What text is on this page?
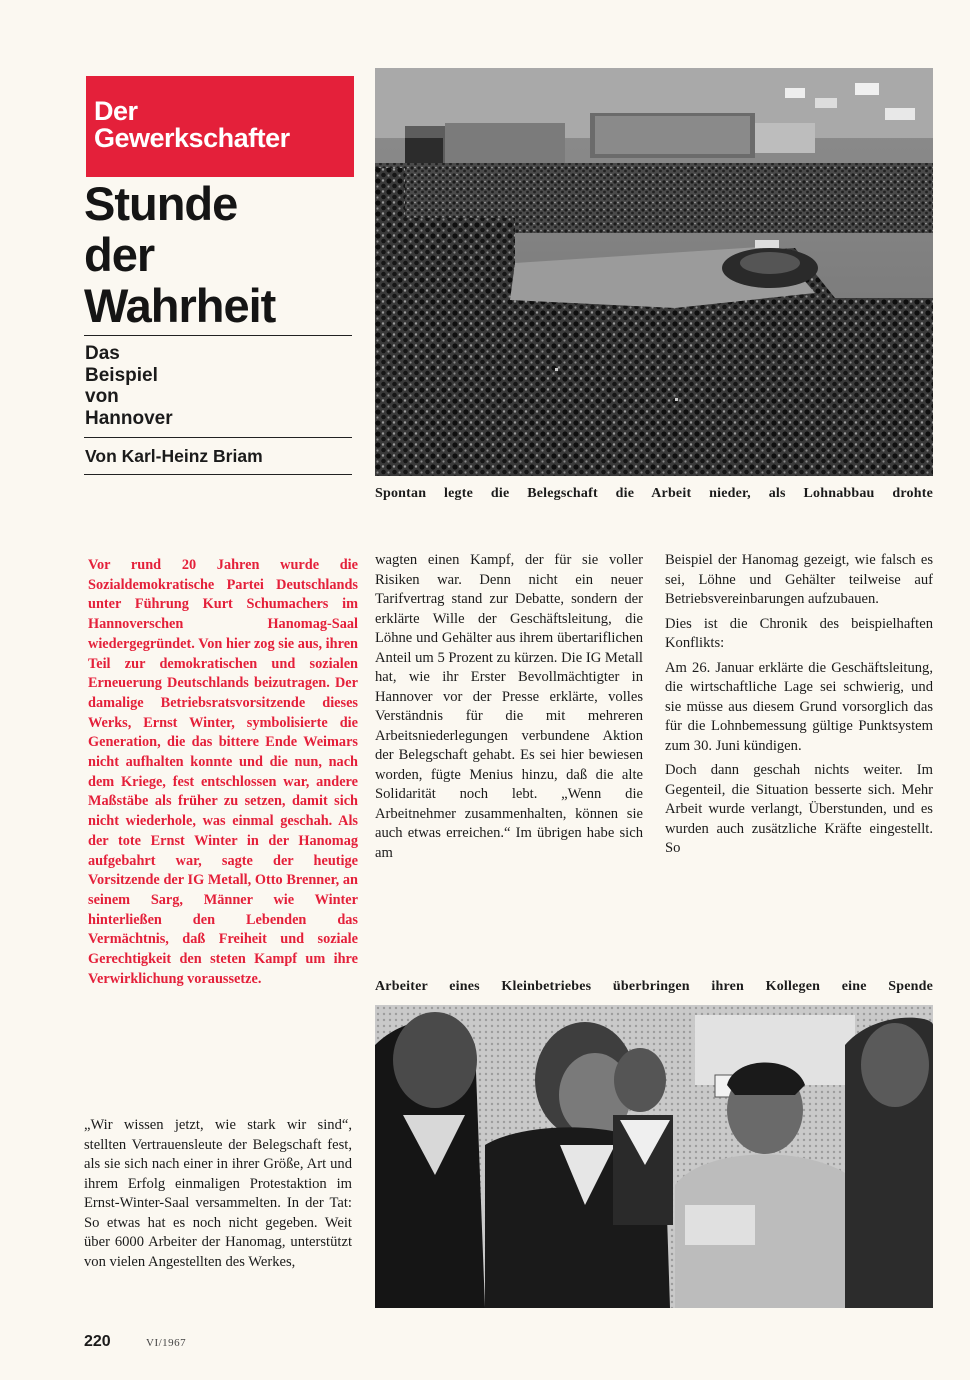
Der
Gewerkschafter
Stunde
der
Wahrheit
Das
Beispiel
von
Hannover
Von Karl-Heinz Briam
Spontan legte die Belegschaft die Arbeit nieder, als Lohnabbau drohte
Vor rund 20 Jahren wurde die Sozialdemokratische Partei Deutschlands unter Führung Kurt Schumachers im Hannoverschen Hanomag-Saal wiedergegründet. Von hier zog sie aus, ihren Teil zur demokratischen und sozialen Erneuerung Deutschlands beizutragen. Der damalige Betriebsratsvorsitzende dieses Werks, Ernst Winter, symbolisierte die Generation, die das bittere Ende Weimars nicht aufhalten konnte und die nun, nach dem Kriege, fest entschlossen war, andere Maßstäbe als früher zu setzen, damit sich nicht wiederhole, was einmal geschah. Als der tote Ernst Winter in der Hanomag aufgebahrt war, sagte der heutige Vorsitzende der IG Metall, Otto Brenner, an seinem Sarg, Männer wie Winter hinterließen den Lebenden das Vermächtnis, daß Freiheit und soziale Gerechtigkeit den steten Kampf um ihre Verwirklichung voraussetze.

wagten einen Kampf, der für sie voller Risiken war. Denn nicht ein neuer Tarifvertrag stand zur Debatte, sondern der erklärte Wille der Geschäftsleitung, die Löhne und Gehälter aus ihrem übertariflichen Anteil um 5 Prozent zu kürzen. Die IG Metall hat, wie ihr Erster Bevollmächtigter in Hannover vor der Presse erklärte, volles Verständnis für die mit mehreren Arbeitsniederlegungen verbundene Aktion der Belegschaft gehabt. Es sei hier bewiesen worden, fügte Menius hinzu, daß die alte Solidarität noch lebt. „Wenn die Arbeitnehmer zusammenhalten, können sie auch etwas erreichen.“ Im übrigen habe sich am

Beispiel der Hanomag gezeigt, wie falsch es sei, Löhne und Gehälter teilweise auf Betriebsvereinbarungen aufzubauen.

Dies ist die Chronik des beispielhaften Konflikts:

Am 26. Januar erklärte die Geschäftsleitung, die wirtschaftliche Lage sei schwierig, und sie müsse aus diesem Grund vorsorglich das für die Lohnbemessung gültige Punktsystem zum 30. Juni kündigen.

Doch dann geschah nichts weiter. Im Gegenteil, die Situation besserte sich. Mehr Arbeit wurde verlangt, Überstunden, und es wurden auch zusätzliche Kräfte eingestellt. So

Arbeiter eines Kleinbetriebes überbringen ihren Kollegen eine Spende

„Wir wissen jetzt, wie stark wir sind“, stellten Vertrauensleute der Belegschaft fest, als sie sich nach einer in ihrer Größe, Art und ihrem Erfolg einmaligen Protestaktion im Ernst-Winter-Saal versammelten. In der Tat: So etwas hat es noch nicht gegeben. Weit über 6000 Arbeiter der Hanomag, unterstützt von vielen Angestellten des Werkes,

220	VI/1967
